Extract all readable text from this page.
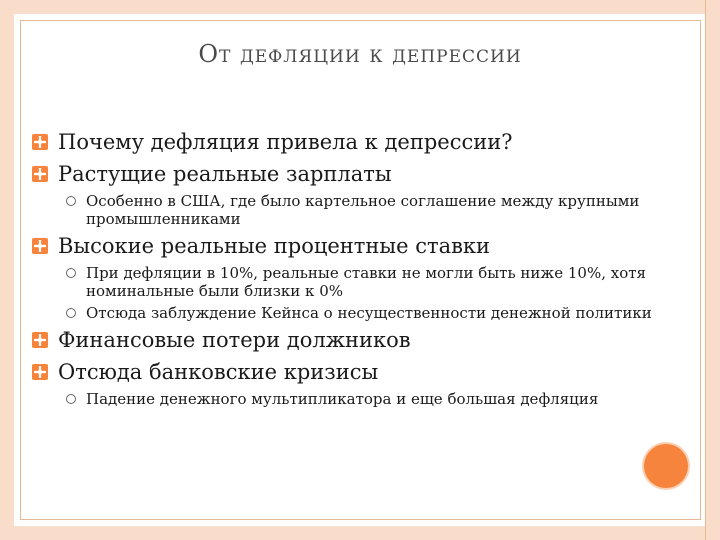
От дефляции к депрессии
Почему дефляция привела к депрессии?
Растущие реальные зарплаты
Особенно в США, где было картельное соглашение между крупными промышленниками
Высокие реальные процентные ставки
При дефляции в 10%, реальные ставки не могли быть ниже 10%, хотя номинальные были близки к 0%
Отсюда заблуждение Кейнса о несущественности денежной политики
Финансовые потери должников
Отсюда банковские кризисы
Падение денежного мультипликатора и еще большая дефляция
